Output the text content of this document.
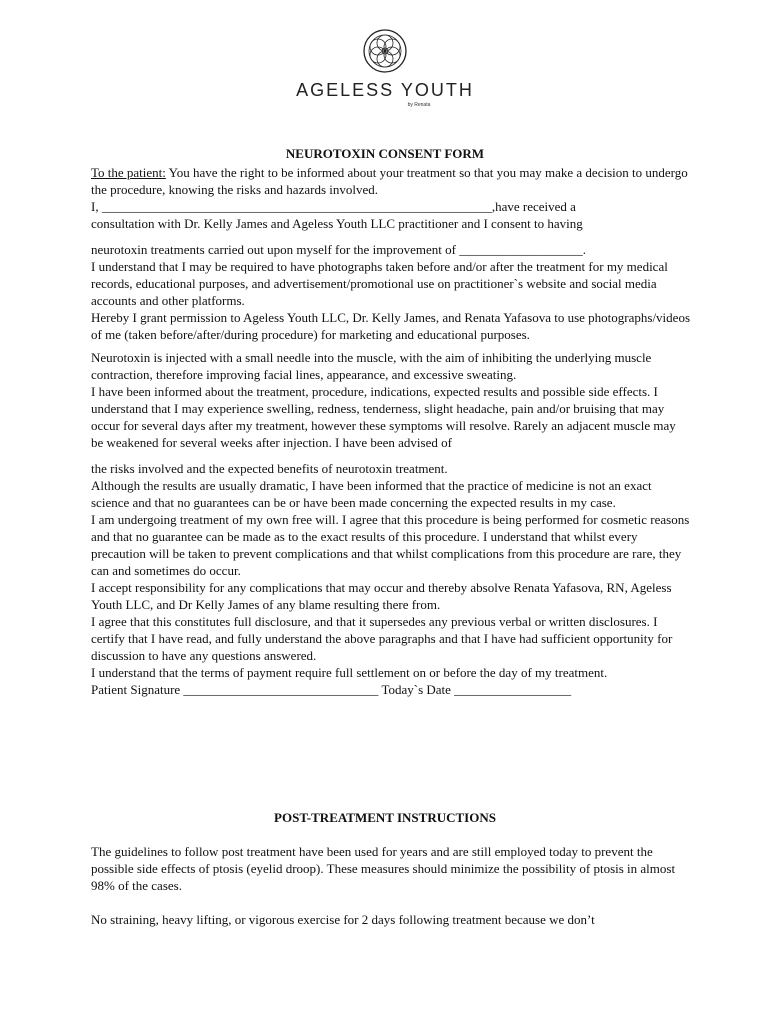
AGELESS YOUTH
by Renata
NEUROTOXIN CONSENT FORM

To the patient: You have the right to be informed about your treatment so that you may make a decision to undergo the procedure, knowing the risks and hazards involved.

I, ____________________________________________________________,have received a

consultation with Dr. Kelly James and Ageless Youth LLC practitioner and I consent to having

neurotoxin treatments carried out upon myself for the improvement of ___________________.

I understand that I may be required to have photographs taken before and/or after the treatment for my medical records, educational purposes, and advertisement/promotional use on practitioner`s website and social media accounts and other platforms.

Hereby I grant permission to Ageless Youth LLC, Dr. Kelly James, and Renata Yafasova to use photographs/videos of me (taken before/after/during procedure) for marketing and educational purposes.

Neurotoxin is injected with a small needle into the muscle, with the aim of inhibiting the underlying muscle contraction, therefore improving facial lines, appearance, and excessive sweating.

I have been informed about the treatment, procedure, indications, expected results and possible side effects. I understand that I may experience swelling, redness, tenderness, slight headache, pain and/or bruising that may occur for several days after my treatment, however these symptoms will resolve. Rarely an adjacent muscle may be weakened for several weeks after injection. I have been advised of

the risks involved and the expected benefits of neurotoxin treatment.

Although the results are usually dramatic, I have been informed that the practice of medicine is not an exact science and that no guarantees can be or have been made concerning the expected results in my case.

I am undergoing treatment of my own free will. I agree that this procedure is being performed for cosmetic reasons and that no guarantee can be made as to the exact results of this procedure. I understand that whilst every precaution will be taken to prevent complications and that whilst complications from this procedure are rare, they can and sometimes do occur.

I accept responsibility for any complications that may occur and thereby absolve Renata Yafasova, RN, Ageless Youth LLC, and Dr Kelly James of any blame resulting there from.

I agree that this constitutes full disclosure, and that it supersedes any previous verbal or written disclosures. I certify that I have read, and fully understand the above paragraphs and that I have had sufficient opportunity for discussion to have any questions answered.

I understand that the terms of payment require full settlement on or before the day of my treatment.

Patient Signature ______________________________ Today`s Date __________________

POST-TREATMENT INSTRUCTIONS

The guidelines to follow post treatment have been used for years and are still employed today to prevent the possible side effects of ptosis (eyelid droop). These measures should minimize the possibility of ptosis in almost 98% of the cases.

No straining, heavy lifting, or vigorous exercise for 2 days following treatment because we don’t
